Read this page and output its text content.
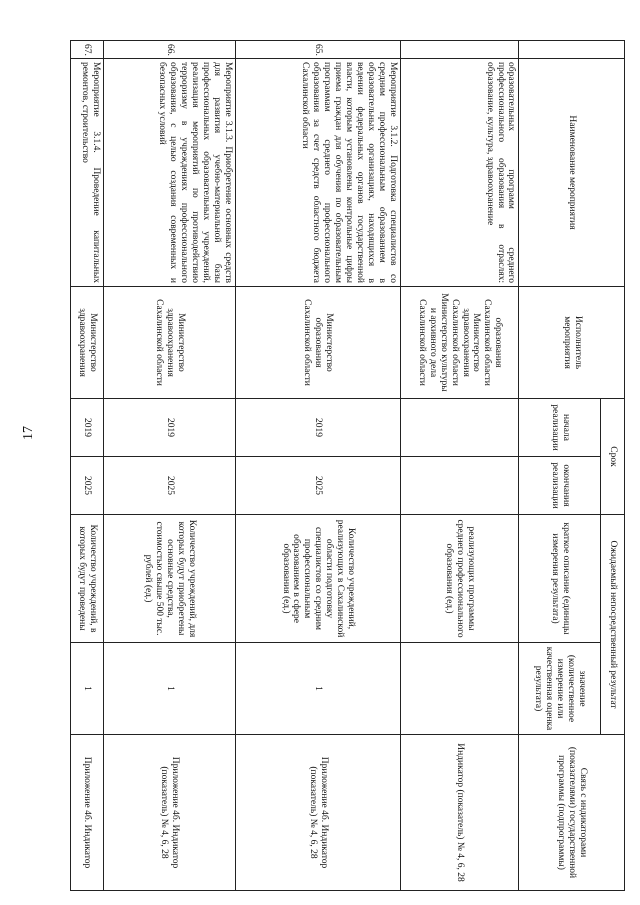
17
	Наименование мероприятия	Исполнитель мероприятия	Срок		Ожидаемый непосредственный результат		Связь с индикаторами (показателями) государственной программы (подпрограммы)
			начала реализации	окончания реализации	краткое описание (единицы измерения результата)	значение (количественное измерение или качественная оценка результата)	
	образовательных программ среднего профессионального образования в отраслях: образование, культура, здравоохранение	образования Сахалинской области Министерство здравоохранения Сахалинской области Министерство культуры и архивного дела Сахалинской области			реализующих программы среднего профессионального образования (ед.)		Индикатор (показатель) № 4, 6, 28
65.	Мероприятие 3.1.2. Подготовка специалистов со средним профессиональным образованием в образовательных организациях, находящихся в ведении федеральных органов государственной власти, которым установлены контрольные цифры приема граждан для обучения по образовательным программам среднего профессионального образования за счет средств областного бюджета Сахалинской области	Министерство образования Сахалинской области	2019	2025	Количество учреждений, реализующих в Сахалинской области подготовку специалистов со средним профессиональным образованием в сфере образования (ед.)	1	Приложение 4б. Индикатор (показатель) № 4, 6, 28
66.	Мероприятие 3.1.3. Приобретение основных средств для развития учебно-материальной базы профессиональных образовательных учреждений, реализация мероприятий по противодействию терроризму в учреждениях профессионального образования, с целью создания современных и безопасных условий	Министерство здравоохранения Сахалинской области	2019	2025	Количество учреждений, для которых будут приобретены основные средства, стоимостью свыше 500 тыс. рублей (ед.)	1	Приложение 4б. Индикатор (показатель) № 4, 6, 28
67.	Мероприятие 3.1.4. Проведение капитальных ремонтов, строительство	Министерство здравоохранения	2019	2025	Количество учреждений, в которых будут проведены	1	Приложение 4б. Индикатор
